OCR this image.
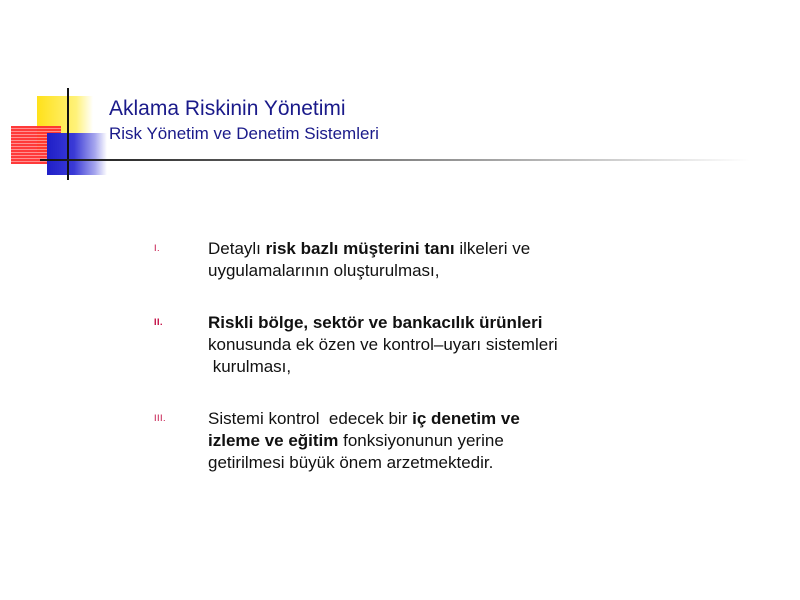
Aklama Riskinin Yönetimi
Risk Yönetim ve Denetim Sistemleri
I.	Detaylı risk bazlı müşterini tanı ilkeleri ve
uygulamalarının oluşturulması,
II.	Riskli bölge, sektör ve bankacılık ürünleri
konusunda ek özen ve kontrol–uyarı sistemleri
kurulması,
III. Sistemi kontrol  edecek bir iç denetim ve
izleme ve eğitim fonksiyonunun yerine
getirilmesi büyük önem arzetmektedir.
